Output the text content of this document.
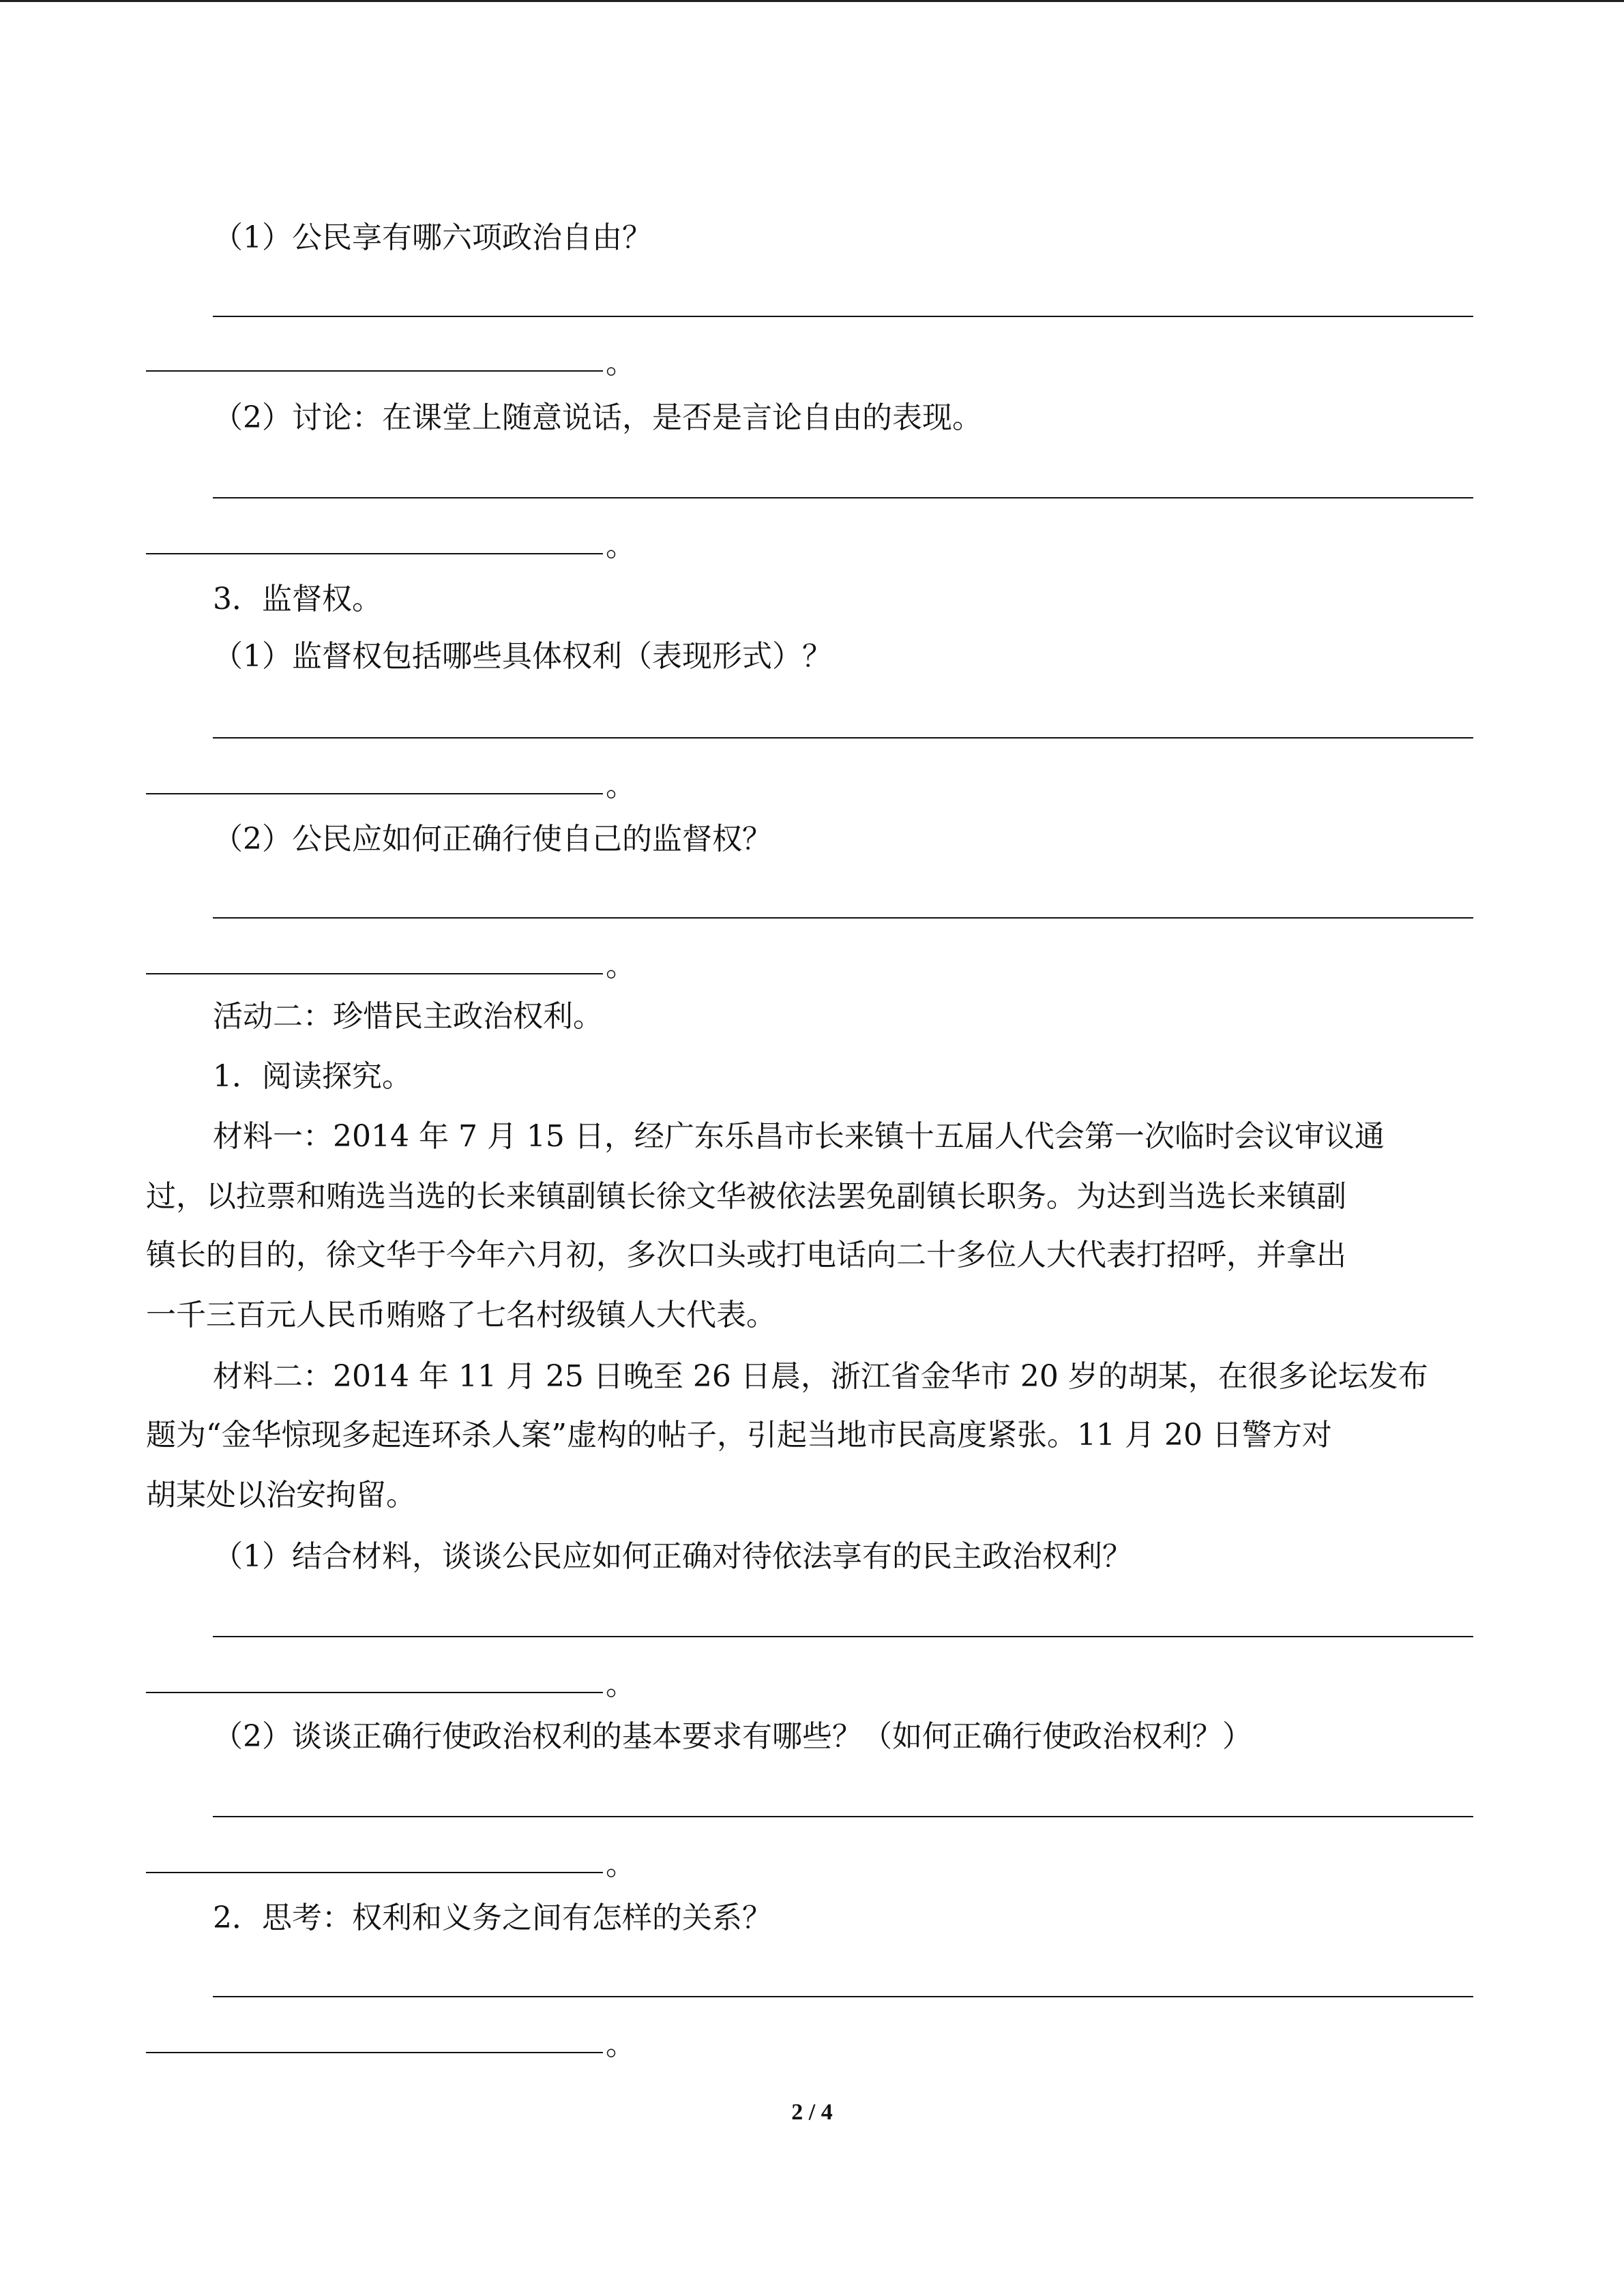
（1）公民享有哪六项政治自由？
。
（2）讨论：在课堂上随意说话，是否是言论自由的表现。
。
3．监督权。
（1）监督权包括哪些具体权利（表现形式）？
。
（2）公民应如何正确行使自己的监督权？
。
活动二：珍惜民主政治权利。
1．阅读探究。
材料一：2014 年 7 月 15 日，经广东乐昌市长来镇十五届人代会第一次临时会议审议通
过，以拉票和贿选当选的长来镇副镇长徐文华被依法罢免副镇长职务。为达到当选长来镇副
镇长的目的，徐文华于今年六月初，多次口头或打电话向二十多位人大代表打招呼，并拿出
一千三百元人民币贿赂了七名村级镇人大代表。
材料二：2014 年 11 月 25 日晚至 26 日晨，浙江省金华市 20 岁的胡某，在很多论坛发布
题为“金华惊现多起连环杀人案”虚构的帖子，引起当地市民高度紧张。11 月 20 日警方对
胡某处以治安拘留。
（1）结合材料，谈谈公民应如何正确对待依法享有的民主政治权利？
。
（2）谈谈正确行使政治权利的基本要求有哪些？（如何正确行使政治权利？）
。
2．思考：权利和义务之间有怎样的关系？
。
2 / 4
